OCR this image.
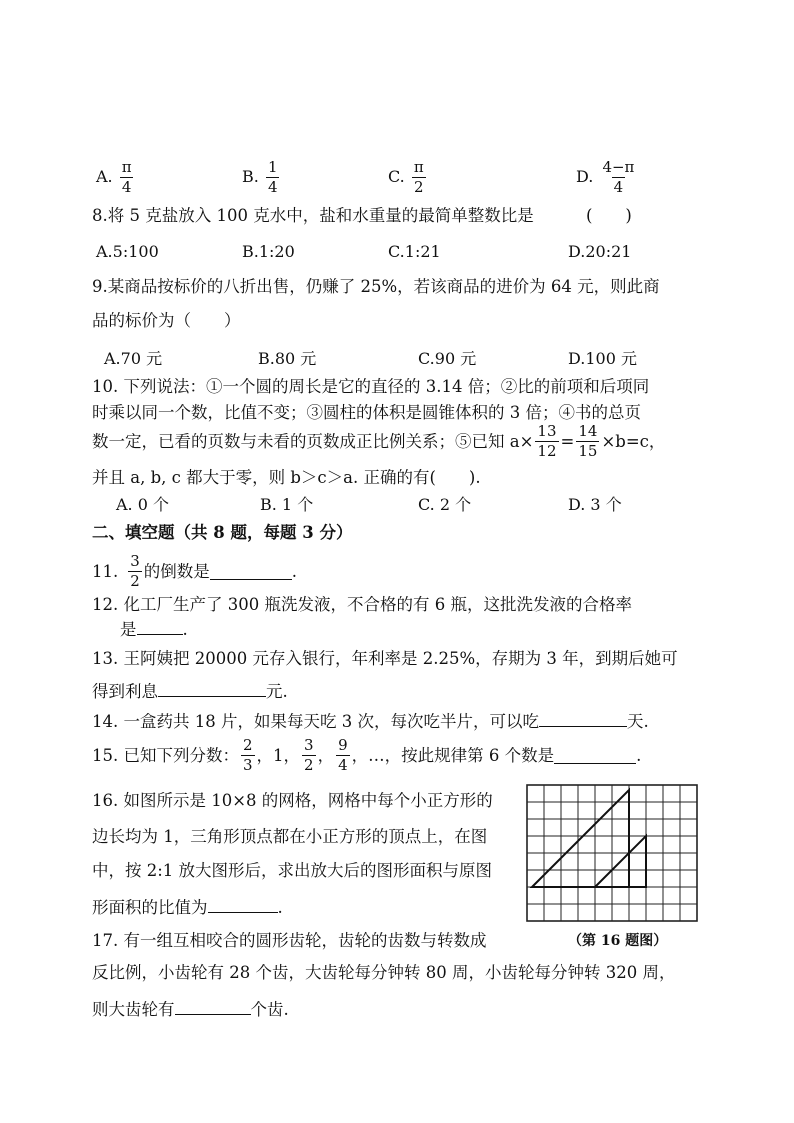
A. $\frac{\pi}{4}$	B. $\frac{1}{4}$	C. $\frac{\pi}{2}$	D. $\frac{4-\pi}{4}$
8.将 5 克盐放入 100 克水中，盐和水重量的最简单整数比是	(　　)
A.5:100	B.1:20	C.1:21	D.20:21
9.某商品按标价的八折出售，仍赚了 25%，若该商品的进价为 64 元，则此商
品的标价为（　　）
A.70 元	B.80 元	C.90 元	D.100 元
10. 下列说法：①一个圆的周长是它的直径的 3.14 倍；②比的前项和后项同
时乘以同一个数，比值不变；③圆柱的体积是圆锥体积的 3 倍；④书的总页
数一定，已看的页数与未看的页数成正比例关系；⑤已知 $a\times \frac{13}{12} = \frac{14}{15} \times b=c$，
并且 a, b, c 都大于零，则 b＞c＞a. 正确的有(　　).
A. 0 个	B. 1 个	C. 2 个	D. 3 个
二、填空题（共 8 题，每题 3 分）
11. $\frac{3}{2}$ 的倒数是	.
12. 化工厂生产了 300 瓶洗发液，不合格的有 6 瓶，这批洗发液的合格率
是	.
13. 王阿姨把 20000 元存入银行，年利率是 2.25%，存期为 3 年，到期后她可
得到利息	元.
14. 一盒药共 18 片，如果每天吃 3 次，每次吃半片，可以吃	天.
15. 已知下列分数： $\frac{2}{3}$ ，1， $\frac{3}{2}$ ， $\frac{9}{4}$ ，…，按此规律第 6 个数是	.
16. 如图所示是 10×8 的网格，网格中每个小正方形的
边长均为 1，三角形顶点都在小正方形的顶点上，在图
中，按 2:1 放大图形后，求出放大后的图形面积与原图
形面积的比值为	.
（第 16 题图）
17. 有一组互相咬合的圆形齿轮，齿轮的齿数与转数成
反比例，小齿轮有 28 个齿，大齿轮每分钟转 80 周，小齿轮每分钟转 320 周，
则大齿轮有	个齿.
